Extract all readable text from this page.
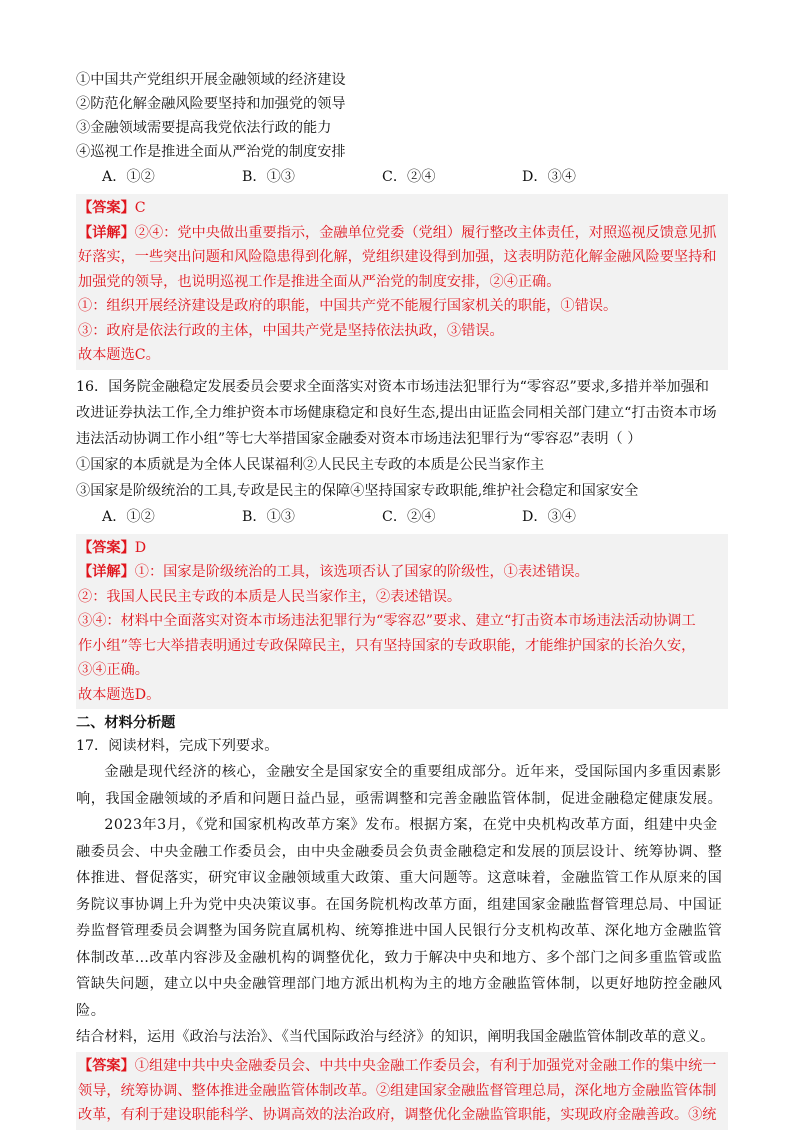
①中国共产党组织开展金融领域的经济建设
②防范化解金融风险要坚持和加强党的领导
③金融领域需要提高我党依法行政的能力
④巡视工作是推进全面从严治党的制度安排
A．①②	B．①③	C．②④	D．③④

【答案】C

【详解】②④：党中央做出重要指示，金融单位党委（党组）履行整改主体责任，对照巡视反馈意见抓

好落实，一些突出问题和风险隐患得到化解，党组织建设得到加强，这表明防范化解金融风险要坚持和

加强党的领导，也说明巡视工作是推进全面从严治党的制度安排，②④正确。

①：组织开展经济建设是政府的职能，中国共产党不能履行国家机关的职能，①错误。

③：政府是依法行政的主体，中国共产党是坚持依法执政，③错误。

故本题选C。

16．国务院金融稳定发展委员会要求全面落实对资本市场违法犯罪行为“零容忍”要求,多措并举加强和
改进证券执法工作,全力维护资本市场健康稳定和良好生态,提出由证监会同相关部门建立“打击资本市场
违法活动协调工作小组”等七大举措国家金融委对资本市场违法犯罪行为“零容忍”表明（ ）
①国家的本质就是为全体人民谋福利②人民民主专政的本质是公民当家作主
③国家是阶级统治的工具,专政是民主的保障④坚持国家专政职能,维护社会稳定和国家安全
A．①②	B．①③	C．②④	D．③④

【答案】D

【详解】①：国家是阶级统治的工具，该选项否认了国家的阶级性，①表述错误。

②：我国人民民主专政的本质是人民当家作主，②表述错误。

③④：材料中全面落实对资本市场违法犯罪行为“零容忍”要求、建立“打击资本市场违法活动协调工

作小组”等七大举措表明通过专政保障民主，只有坚持国家的专政职能，才能维护国家的长治久安，

③④正确。

故本题选D。

二、材料分析题
17．阅读材料，完成下列要求。

金融是现代经济的核心，金融安全是国家安全的重要组成部分。近年来，受国际国内多重因素影响，我国金融领域的矛盾和问题日益凸显，亟需调整和完善金融监管体制，促进金融稳定健康发展。

2023年3月，《党和国家机构改革方案》发布。根据方案，在党中央机构改革方面，组建中央金融委员会、中央金融工作委员会，由中央金融委员会负责金融稳定和发展的顶层设计、统筹协调、整体推进、督促落实，研究审议金融领域重大政策、重大问题等。这意味着，金融监管工作从原来的国务院议事协调上升为党中央决策议事。在国务院机构改革方面，组建国家金融监督管理总局、中国证券监督管理委员会调整为国务院直属机构、统筹推进中国人民银行分支机构改革、深化地方金融监管体制改革…改革内容涉及金融机构的调整优化，致力于解决中央和地方、多个部门之间多重监管或监管缺失问题，建立以中央金融管理部门地方派出机构为主的地方金融监管体制，以更好地防控金融风险。

结合材料，运用《政治与法治》、《当代国际政治与经济》的知识，阐明我国金融监管体制改革的意义。

【答案】①组建中共中央金融委员会、中共中央金融工作委员会，有利于加强党对金融工作的集中统一

领导，统筹协调、整体推进金融监管体制改革。②组建国家金融监督管理总局，深化地方金融监管体制

改革，有利于建设职能科学、协调高效的法治政府，调整优化金融监管职能，实现政府金融善政。③统
